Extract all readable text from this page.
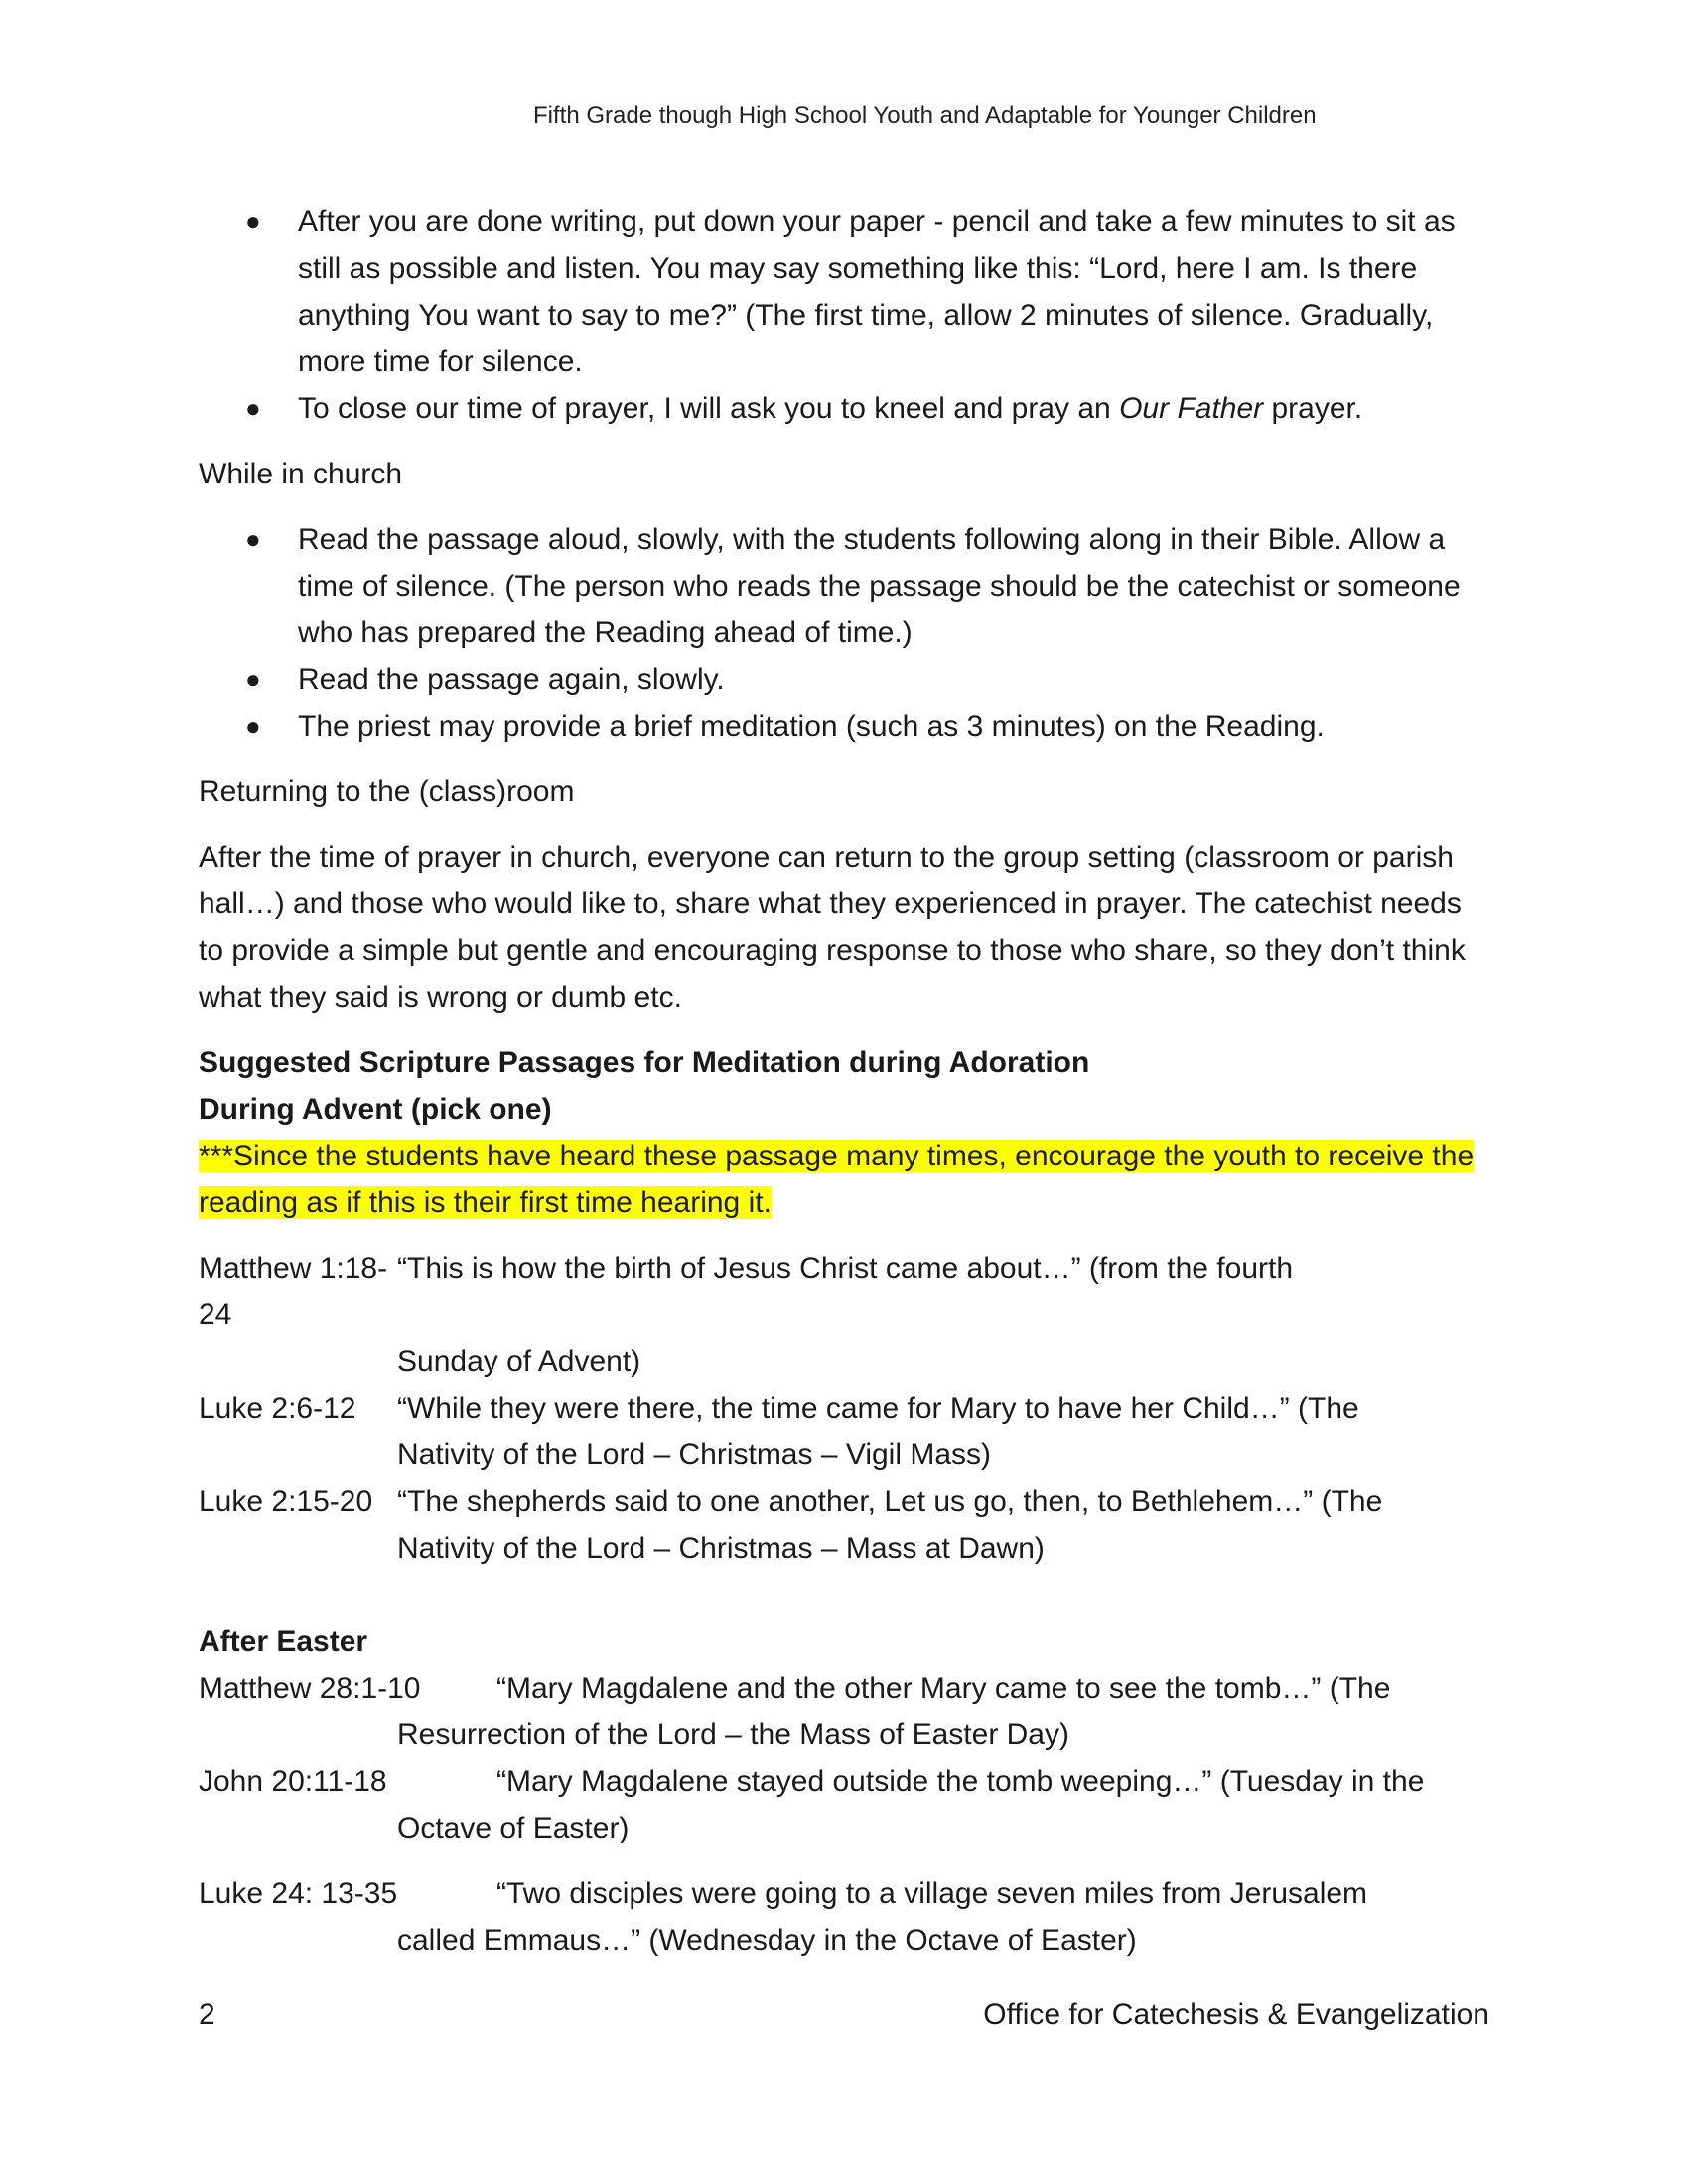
Fifth Grade though High School Youth and Adaptable for Younger Children
● After you are done writing, put down your paper - pencil and take a few minutes to sit as still as possible and listen. You may say something like this: “Lord, here I am. Is there anything You want to say to me?” (The first time, allow 2 minutes of silence. Gradually, more time for silence.
● To close our time of prayer, I will ask you to kneel and pray an Our Father prayer.
While in church
● Read the passage aloud, slowly, with the students following along in their Bible. Allow a time of silence. (The person who reads the passage should be the catechist or someone who has prepared the Reading ahead of time.)
● Read the passage again, slowly.
● The priest may provide a brief meditation (such as 3 minutes) on the Reading.
Returning to the (class)room
After the time of prayer in church, everyone can return to the group setting (classroom or parish hall…) and those who would like to, share what they experienced in prayer. The catechist needs to provide a simple but gentle and encouraging response to those who share, so they don’t think what they said is wrong or dumb etc.
Suggested Scripture Passages for Meditation during Adoration
During Advent (pick one)
***Since the students have heard these passage many times, encourage the youth to receive the reading as if this is their first time hearing it.
Matthew 1:18-24
“This is how the birth of Jesus Christ came about…” (from the fourth
Sunday of Advent)
Luke 2:6-12	“While they were there, the time came for Mary to have her Child…” (The
Nativity of the Lord – Christmas – Vigil Mass)
Luke 2:15-20 “The shepherds said to one another, Let us go, then, to Bethlehem…” (The
Nativity of the Lord – Christmas – Mass at Dawn)
After Easter
Matthew 28:1-10	“Mary Magdalene and the other Mary came to see the tomb…” (The
Resurrection of the Lord – the Mass of Easter Day)
John 20:11-18	“Mary Magdalene stayed outside the tomb weeping…” (Tuesday in the
Octave of Easter)
Luke 24: 13-35	“Two disciples were going to a village seven miles from Jerusalem
called Emmaus…” (Wednesday in the Octave of Easter)
2	Office for Catechesis & Evangelization
